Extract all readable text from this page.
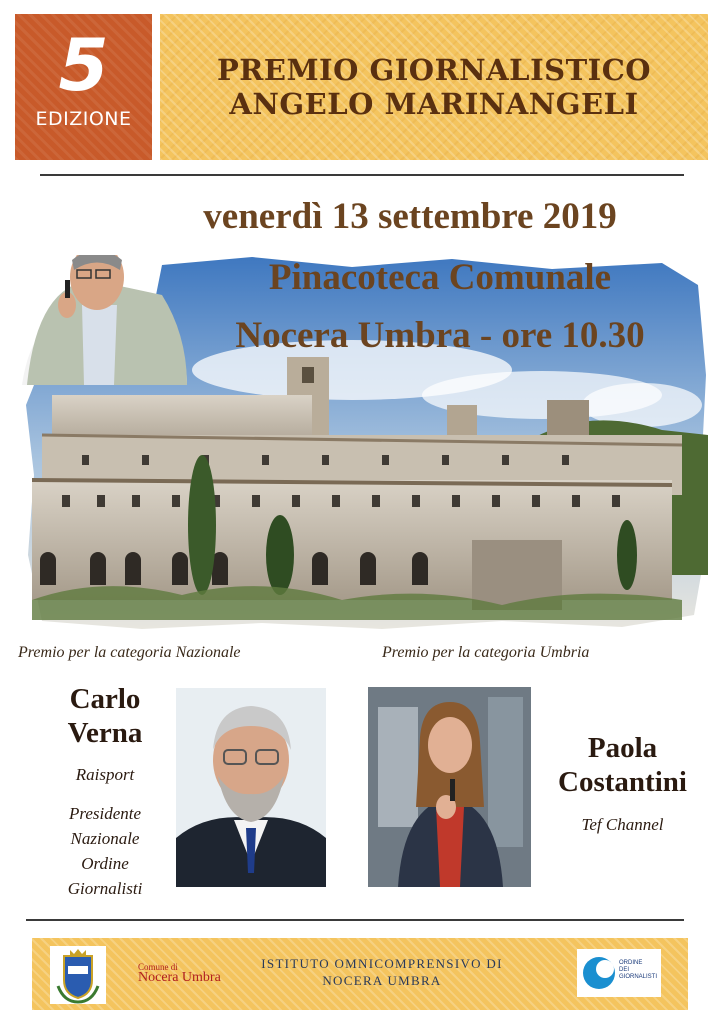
5
EDIZIONE
PREMIO GIORNALISTICO
ANGELO MARINANGELI
venerdì 13 settembre 2019
Pinacoteca Comunale
Nocera Umbra - ore 10.30
Premio per la categoria Nazionale	Premio per la categoria Umbria
Carlo
Verna
Raisport
Presidente
Nazionale
Ordine
Giornalisti
Paola
Costantini
Tef Channel
Comune di
Nocera Umbra
ISTITUTO OMNICOMPRENSIVO DI
NOCERA UMBRA
ORDINE
DEI
GIORNALISTI
